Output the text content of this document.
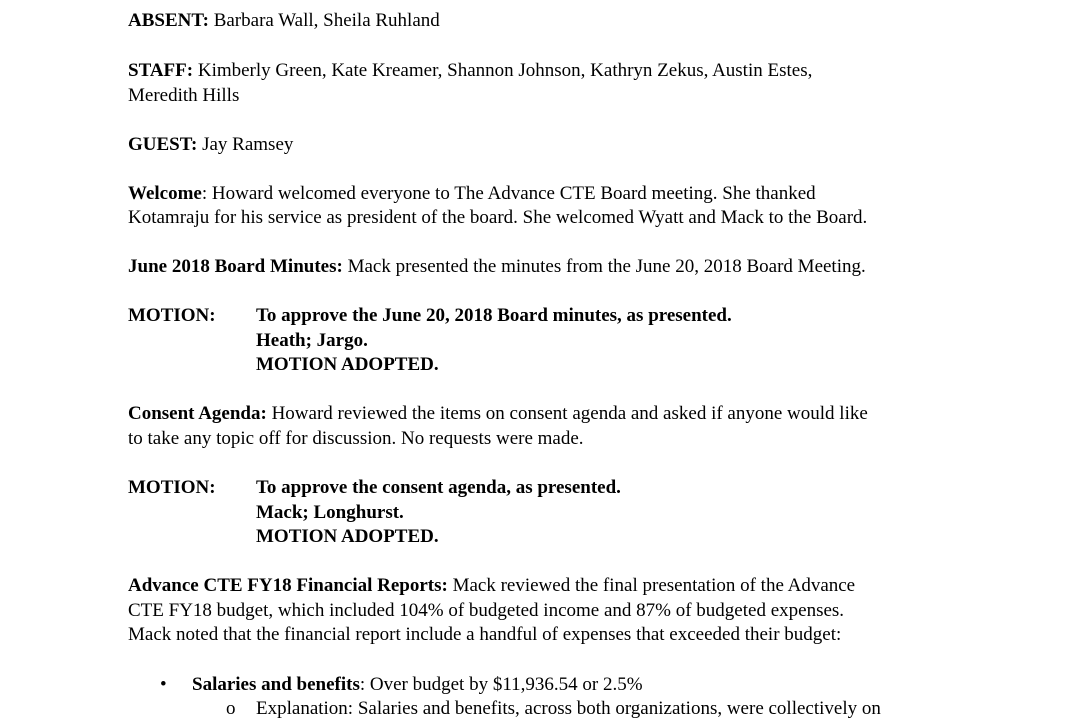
ABSENT: Barbara Wall, Sheila Ruhland
STAFF: Kimberly Green, Kate Kreamer, Shannon Johnson, Kathryn Zekus, Austin Estes,
Meredith Hills
GUEST: Jay Ramsey
Welcome: Howard welcomed everyone to The Advance CTE Board meeting. She thanked
Kotamraju for his service as president of the board. She welcomed Wyatt and Mack to the Board.
June 2018 Board Minutes: Mack presented the minutes from the June 20, 2018 Board Meeting.
MOTION: To approve the June 20, 2018 Board minutes, as presented.
Heath; Jargo.
MOTION ADOPTED.
Consent Agenda: Howard reviewed the items on consent agenda and asked if anyone would like
to take any topic off for discussion. No requests were made.
MOTION: To approve the consent agenda, as presented.
Mack; Longhurst.
MOTION ADOPTED.
Advance CTE FY18 Financial Reports: Mack reviewed the final presentation of the Advance
CTE FY18 budget, which included 104% of budgeted income and 87% of budgeted expenses.
Mack noted that the financial report include a handful of expenses that exceeded their budget:
• Salaries and benefits: Over budget by $11,936.54 or 2.5%
o Explanation: Salaries and benefits, across both organizations, were collectively on
